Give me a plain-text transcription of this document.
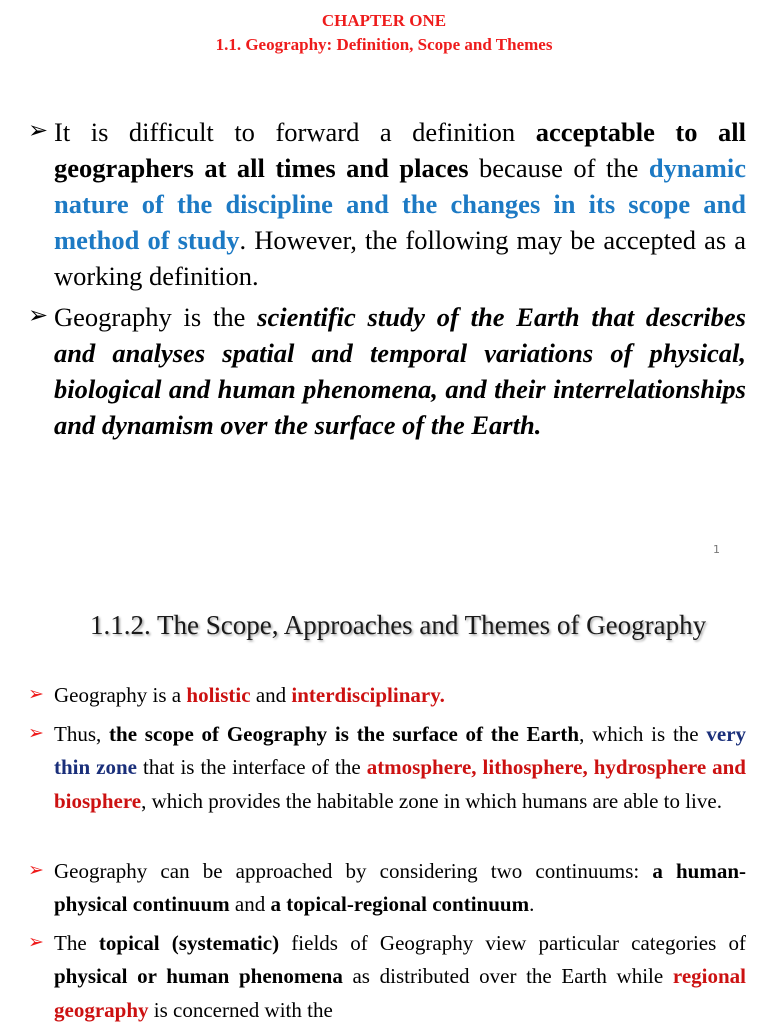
CHAPTER ONE
1.1. Geography: Definition, Scope and Themes
➢ It is difficult to forward a definition acceptable to all geographers at all times and places because of the dynamic nature of the discipline and the changes in its scope and method of study. However, the following may be accepted as a working definition.
➢ Geography is the scientific study of the Earth that describes and analyses spatial and temporal variations of physical, biological and human phenomena, and their interrelationships and dynamism over the surface of the Earth.
1
1.1.2. The Scope, Approaches and Themes of Geography
➢ Geography is a holistic and interdisciplinary.
➢ Thus, the scope of Geography is the surface of the Earth, which is the very thin zone that is the interface of the atmosphere, lithosphere, hydrosphere and biosphere, which provides the habitable zone in which humans are able to live.
➢ Geography can be approached by considering two continuums: a human-physical continuum and a topical-regional continuum.
➢ The topical (systematic) fields of Geography view particular categories of physical or human phenomena as distributed over the Earth while regional geography is concerned with the
